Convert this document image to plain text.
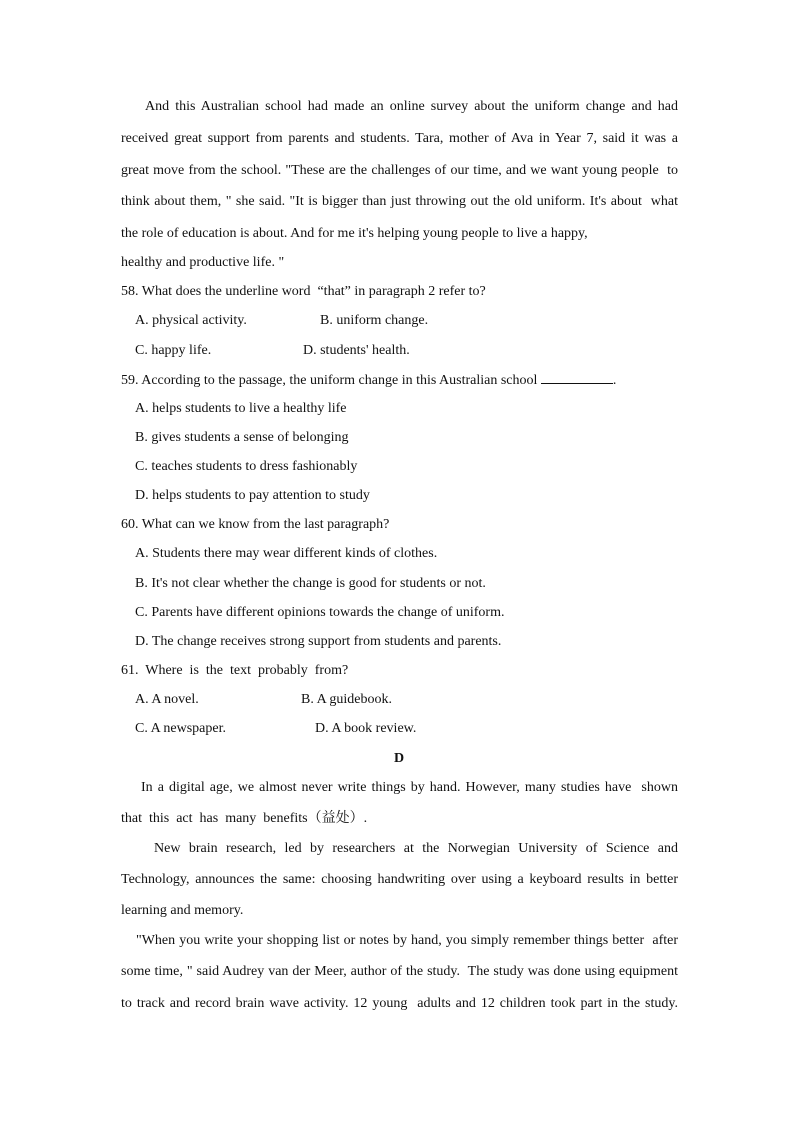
And this Australian school had made an online survey about the uniform change and had
received great support from parents and students. Tara, mother of Ava in Year 7, said it was a
great move from the school. "These are the challenges of our time, and we want young people  to
think about them, " she said. "It is bigger than just throwing out the old uniform. It's about  what
the role of education is about. And for me it's helping young people to live a happy,
healthy and productive life. "
58. What does the underline word  “that” in paragraph 2 refer to?
A. physical activity.	B. uniform change.
C. happy life.	D. students' health.
59. According to the passage, the uniform change in this Australian school	.
A. helps students to live a healthy life
B. gives students a sense of belonging
C. teaches students to dress fashionably
D. helps students to pay attention to study
60. What can we know from the last paragraph?
A. Students there may wear different kinds of clothes.
B. It's not clear whether the change is good for students or not.
C. Parents have different opinions towards the change of uniform.
D. The change receives strong support from students and parents.
61.  Where  is  the  text  probably  from?
A. A novel.	B. A guidebook.
C. A newspaper.	D. A book review.
D
In a digital age, we almost never write things by hand. However, many studies have  shown
that  this  act  has  many  benefits（益处）.
New brain research, led by researchers at the Norwegian University of Science and
Technology, announces the same: choosing handwriting over using a keyboard results in better
learning and memory.
"When you write your shopping list or notes by hand, you simply remember things better  after
some time, " said Audrey van der Meer, author of the study.  The study was done using equipment
to track and record brain wave activity. 12 young  adults and 12 children took part in the study.
